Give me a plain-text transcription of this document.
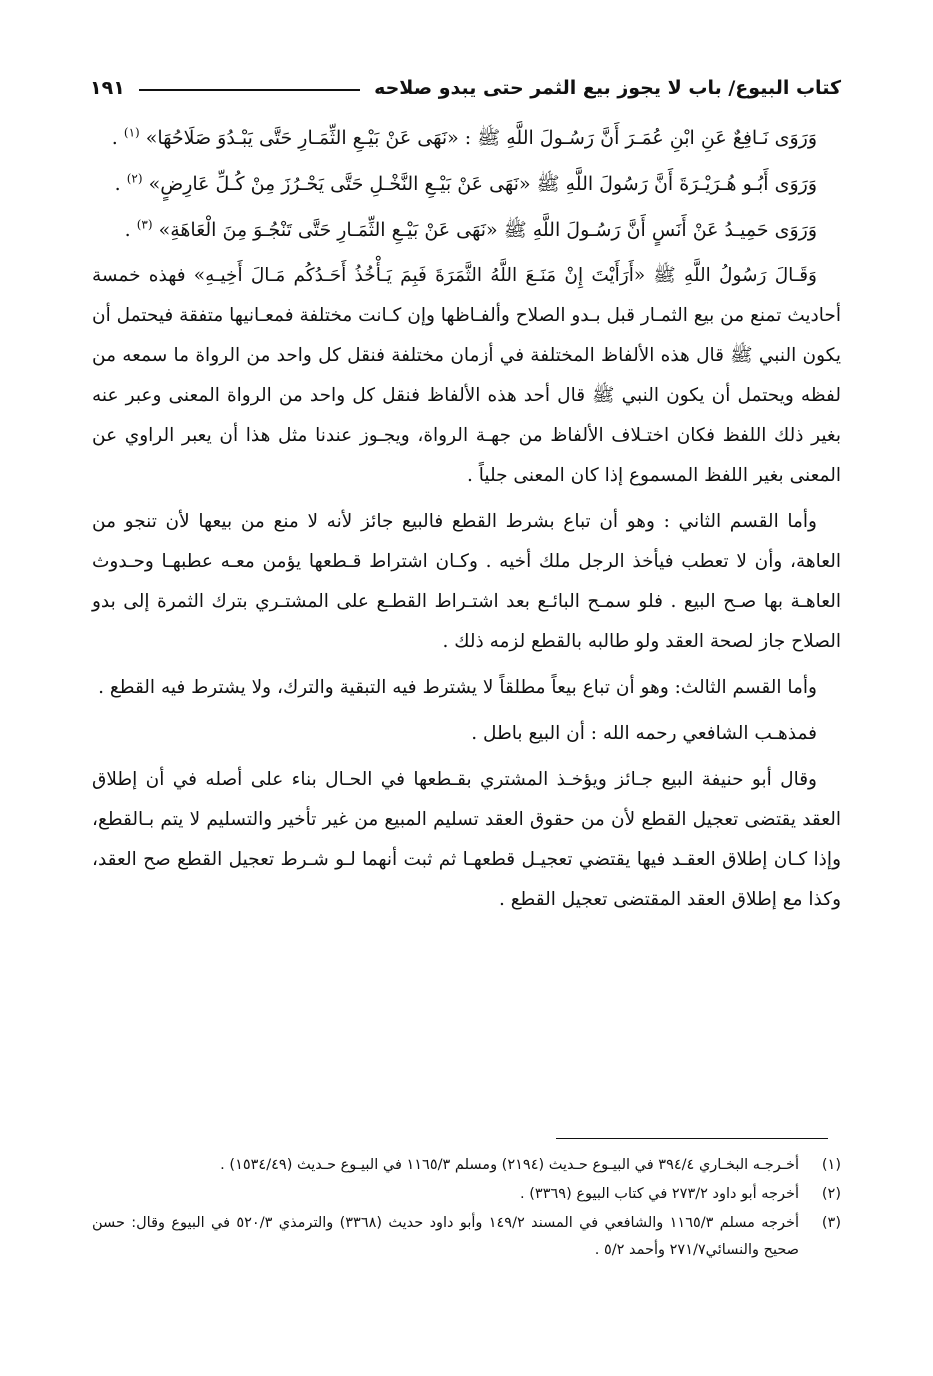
كتاب البيوع/ باب لا يجوز بيع الثمر حتى يبدو صلاحه
١٩١

وَرَوَى نَـافِعٌ عَنِ ابْنِ عُمَـرَ أَنَّ رَسُـولَ اللَّهِ ﷺ : «نَهَى عَنْ بَيْـعِ الثِّمَـارِ حَتَّى يَبْـدُوَ صَلَاحُهَا» $^{(١)}$ .

وَرَوَى أَبُـو هُـرَيْـرَةَ أَنَّ رَسُولَ اللَّهِ ﷺ «نَهَى عَنْ بَيْـعِ النَّخْـلِ حَتَّى يَحْـرُزَ مِنْ كُـلِّ عَارِضٍ» $^{(٢)}$ .

وَرَوَى حَمِيـدُ عَنْ أَنَسٍ أَنَّ رَسُـولَ اللَّهِ ﷺ «نَهَى عَنْ بَيْـعِ الثِّمَـارِ حَتَّى تَنْجُـوَ مِنَ الْعَاهَةِ» $^{(٣)}$ .

وَقَـالَ رَسُولُ اللَّهِ ﷺ «أَرَأَيْتَ إِنْ مَنَـعَ اللَّهُ الثَّمَرَةَ فَبِمَ يَـأْخُذُ أَحَـدُكُم مَـالَ أَخِيـهِ» فهذه خمسة أحاديث تمنع من بيع الثمـار قبل بـدو الصلاح وألفـاظها وإن كـانت مختلفة فمعـانيها متفقة فيحتمل أن يكون النبي ﷺ قال هذه الألفاظ المختلفة في أزمان مختلفة فنقل كل واحد من الرواة ما سمعه من لفظه ويحتمل أن يكون النبي ﷺ قال أحد هذه الألفاظ فنقل كل واحد من الرواة المعنى وعبر عنه بغير ذلك اللفظ فكان اختـلاف الألفاظ من جهـة الرواة، ويجـوز عندنا مثل هذا أن يعبر الراوي عن المعنى بغير اللفظ المسموع إذا كان المعنى جلياً .

وأما القسم الثاني : وهو أن تباع بشرط القطع فالبيع جائز لأنه لا منع من بيعها لأن تنجو من العاهة، وأن لا تعطب فيأخذ الرجل ملك أخيه . وكـان اشتراط قـطعها يؤمن معـه عطبهـا وحـدوث العاهـة بها صـح البيع . فلو سمـح البائـع بعد اشتـراط القطـع على المشتـري بترك الثمرة إلى بدو الصلاح جاز لصحة العقد ولو طالبه بالقطع لزمه ذلك .

وأما القسم الثالث: وهو أن تباع بيعاً مطلقاً لا يشترط فيه التبقية والترك، ولا يشترط فيه القطع .

فمذهـب الشافعي رحمه الله : أن البيع باطل .

وقال أبو حنيفة البيع جـائز ويؤخـذ المشتري بقـطعها في الحـال بناء على أصله في أن إطلاق العقد يقتضى تعجيل القطع لأن من حقوق العقد تسليم المبيع من غير تأخير والتسليم لا يتم بـالقطع، وإذا كـان إطلاق العقـد فيها يقتضي تعجيـل قطعهـا ثم ثبت أنهما لـو شـرط تعجيل القطع صح العقد، وكذا مع إطلاق العقد المقتضى تعجيل القطع .

(١)
أخـرجـه البخـاري ٣٩٤/٤ في البيـوع حـديث (٢١٩٤) ومسلم ١١٦٥/٣ في البيـوع حـديث (١٥٣٤/٤٩) .
(٢)
أخرجه أبو داود ٢٧٣/٢ في كتاب البيوع (٣٣٦٩) .
(٣)
أخرجه مسلم ١١٦٥/٣ والشافعي في المسند ١٤٩/٢ وأبو داود حديث (٣٣٦٨) والترمذي ٥٢٠/٣ في البيوع وقال: حسن صحيح والنسائي٢٧١/٧ وأحمد ٥/٢ .
